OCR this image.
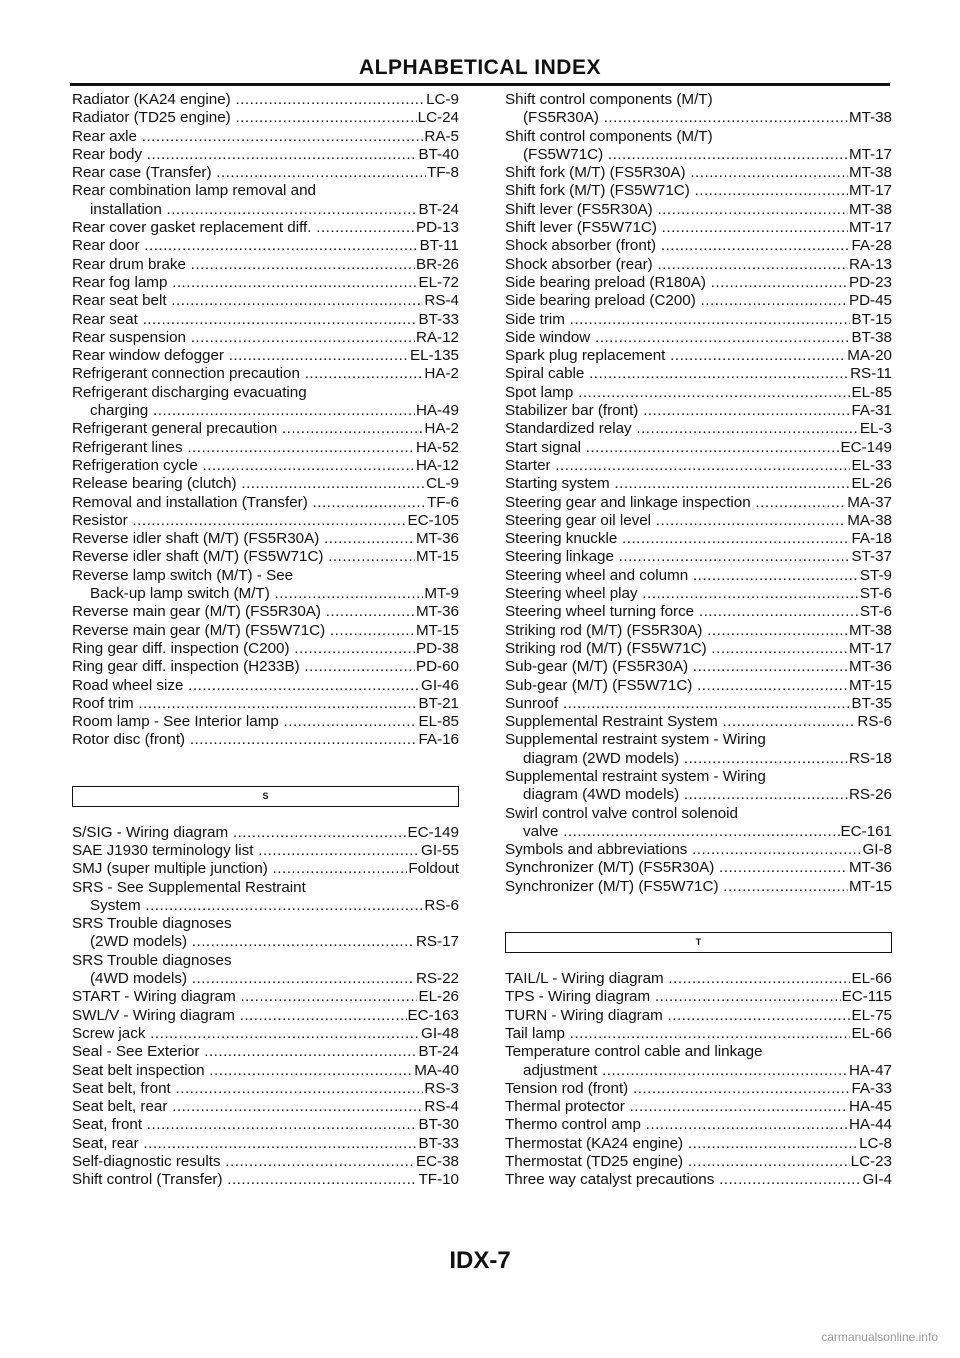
ALPHABETICAL INDEX
Radiator (KA24 engine) .....	LC-9
Radiator (TD25 engine) .....	LC-24
Rear axle .....	RA-5
Rear body .....	BT-40
Rear case (Transfer) .....	TF-8
Rear combination lamp removal and
installation .....	BT-24
Rear cover gasket replacement diff. .....	PD-13
Rear door .....	BT-11
Rear drum brake .....	BR-26
Rear fog lamp .....	EL-72
Rear seat belt .....	RS-4
Rear seat .....	BT-33
Rear suspension .....	RA-12
Rear window defogger .....	EL-135
Refrigerant connection precaution .....	HA-2
Refrigerant discharging evacuating
charging .....	HA-49
Refrigerant general precaution .....	HA-2
Refrigerant lines .....	HA-52
Refrigeration cycle .....	HA-12
Release bearing (clutch) .....	CL-9
Removal and installation (Transfer) .....	TF-6
Resistor .....	EC-105
Reverse idler shaft (M/T) (FS5R30A) .....	MT-36
Reverse idler shaft (M/T) (FS5W71C) .....	MT-15
Reverse lamp switch (M/T) - See
Back-up lamp switch (M/T) .....	MT-9
Reverse main gear (M/T) (FS5R30A) .....	MT-36
Reverse main gear (M/T) (FS5W71C) .....	MT-15
Ring gear diff. inspection (C200) .....	PD-38
Ring gear diff. inspection (H233B) .....	PD-60
Road wheel size .....	GI-46
Roof trim .....	BT-21
Room lamp - See Interior lamp .....	EL-85
Rotor disc (front) .....	FA-16
S
S/SIG - Wiring diagram .....	EC-149
SAE J1930 terminology list .....	GI-55
SMJ (super multiple junction) .....	Foldout
SRS - See Supplemental Restraint
System .....	RS-6
SRS Trouble diagnoses
(2WD models) .....	RS-17
SRS Trouble diagnoses
(4WD models) .....	RS-22
START - Wiring diagram .....	EL-26
SWL/V - Wiring diagram .....	EC-163
Screw jack .....	GI-48
Seal - See Exterior .....	BT-24
Seat belt inspection .....	MA-40
Seat belt, front .....	RS-3
Seat belt, rear .....	RS-4
Seat, front .....	BT-30
Seat, rear .....	BT-33
Self-diagnostic results .....	EC-38
Shift control (Transfer) .....	TF-10
Shift control components (M/T)
(FS5R30A) .....	MT-38
Shift control components (M/T)
(FS5W71C) .....	MT-17
Shift fork (M/T) (FS5R30A) .....	MT-38
Shift fork (M/T) (FS5W71C) .....	MT-17
Shift lever (FS5R30A) .....	MT-38
Shift lever (FS5W71C) .....	MT-17
Shock absorber (front) .....	FA-28
Shock absorber (rear) .....	RA-13
Side bearing preload (R180A) .....	PD-23
Side bearing preload (C200) .....	PD-45
Side trim .....	BT-15
Side window .....	BT-38
Spark plug replacement .....	MA-20
Spiral cable .....	RS-11
Spot lamp .....	EL-85
Stabilizer bar (front) .....	FA-31
Standardized relay .....	EL-3
Start signal .....	EC-149
Starter .....	EL-33
Starting system .....	EL-26
Steering gear and linkage inspection .....	MA-37
Steering gear oil level .....	MA-38
Steering knuckle .....	FA-18
Steering linkage .....	ST-37
Steering wheel and column .....	ST-9
Steering wheel play .....	ST-6
Steering wheel turning force .....	ST-6
Striking rod (M/T) (FS5R30A) .....	MT-38
Striking rod (M/T) (FS5W71C) .....	MT-17
Sub-gear (M/T) (FS5R30A) .....	MT-36
Sub-gear (M/T) (FS5W71C) .....	MT-15
Sunroof .....	BT-35
Supplemental Restraint System .....	RS-6
Supplemental restraint system - Wiring
diagram (2WD models) .....	RS-18
Supplemental restraint system - Wiring
diagram (4WD models) .....	RS-26
Swirl control valve control solenoid
valve .....	EC-161
Symbols and abbreviations .....	GI-8
Synchronizer (M/T) (FS5R30A) .....	MT-36
Synchronizer (M/T) (FS5W71C) .....	MT-15
T
TAIL/L - Wiring diagram .....	EL-66
TPS - Wiring diagram .....	EC-115
TURN - Wiring diagram .....	EL-75
Tail lamp .....	EL-66
Temperature control cable and linkage
adjustment .....	HA-47
Tension rod (front) .....	FA-33
Thermal protector .....	HA-45
Thermo control amp .....	HA-44
Thermostat (KA24 engine) .....	LC-8
Thermostat (TD25 engine) .....	LC-23
Three way catalyst precautions .....	GI-4
IDX-7
carmanualsonline.info
